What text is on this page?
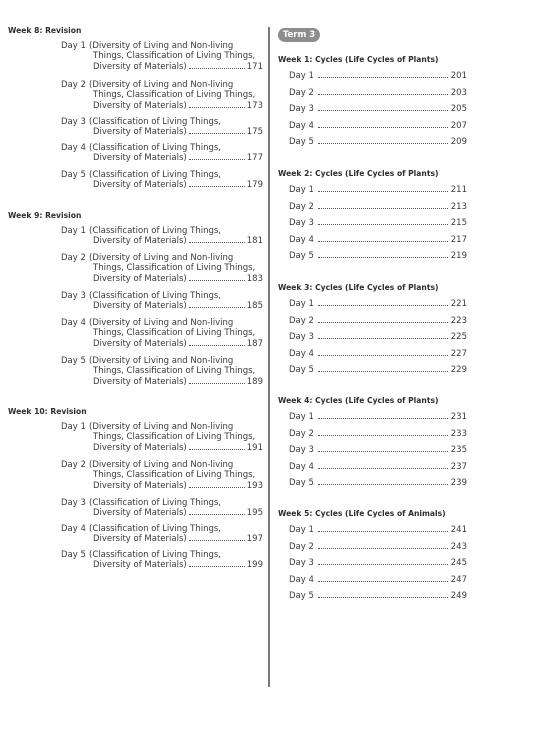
Week 8: Revision
Day 1 (Diversity of Living and Non-living
Things, Classification of Living Things,
Diversity of Materials)	171
Day 2 (Diversity of Living and Non-living
Things, Classification of Living Things,
Diversity of Materials)	173
Day 3 (Classification of Living Things,
Diversity of Materials)	175
Day 4 (Classification of Living Things,
Diversity of Materials)	177
Day 5 (Classification of Living Things,
Diversity of Materials)	179
Week 9: Revision
Day 1 (Classification of Living Things,
Diversity of Materials)	181
Day 2 (Diversity of Living and Non-living
Things, Classification of Living Things,
Diversity of Materials)	183
Day 3 (Classification of Living Things,
Diversity of Materials)	185
Day 4 (Diversity of Living and Non-living
Things, Classification of Living Things,
Diversity of Materials)	187
Day 5 (Diversity of Living and Non-living
Things, Classification of Living Things,
Diversity of Materials)	189
Week 10: Revision
Day 1 (Diversity of Living and Non-living
Things, Classification of Living Things,
Diversity of Materials)	191
Day 2 (Diversity of Living and Non-living
Things, Classification of Living Things,
Diversity of Materials)	193
Day 3 (Classification of Living Things,
Diversity of Materials)	195
Day 4 (Classification of Living Things,
Diversity of Materials)	197
Day 5 (Classification of Living Things,
Diversity of Materials)	199
Term 3
Week 1: Cycles (Life Cycles of Plants)
Day 1	201
Day 2	203
Day 3	205
Day 4	207
Day 5	209
Week 2: Cycles (Life Cycles of Plants)
Day 1	211
Day 2	213
Day 3	215
Day 4	217
Day 5	219
Week 3: Cycles (Life Cycles of Plants)
Day 1	221
Day 2	223
Day 3	225
Day 4	227
Day 5	229
Week 4: Cycles (Life Cycles of Plants)
Day 1	231
Day 2	233
Day 3	235
Day 4	237
Day 5	239
Week 5: Cycles (Life Cycles of Animals)
Day 1	241
Day 2	243
Day 3	245
Day 4	247
Day 5	249
